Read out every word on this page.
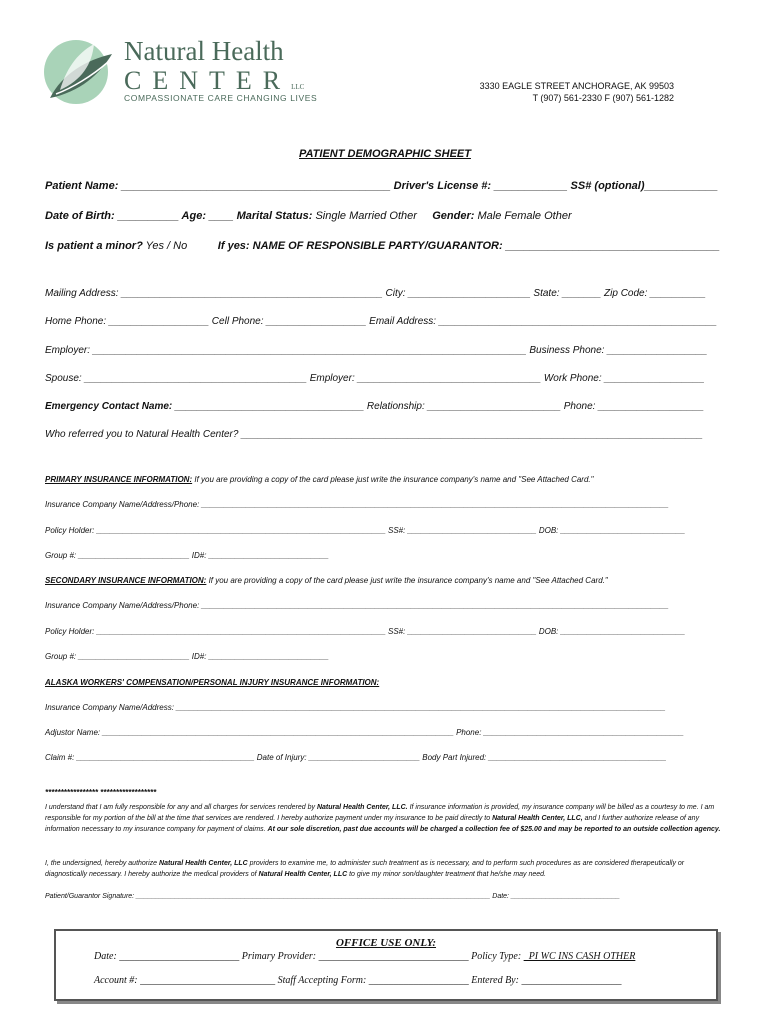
Natural Health
CENTERLLC
COMPASSIONATE CARE CHANGING LIVES
3330 EAGLE STREET ANCHORAGE, AK 99503
T (907) 561-2330 F (907) 561-1282
PATIENT DEMOGRAPHIC SHEET
Patient Name: ____________________________________________ Driver's License #: ____________ SS# (optional)____________
Date of Birth: __________ Age: ____ Marital Status: Single Married Other Gender: Male Female Other
Is patient a minor? Yes / No	If yes: NAME OF RESPONSIBLE PARTY/GUARANTOR: ___________________________________
Mailing Address: _______________________________________________ City: ______________________ State: _______ Zip Code: __________
Home Phone: __________________ Cell Phone: __________________ Email Address: __________________________________________________
Employer: ______________________________________________________________________________ Business Phone: __________________
Spouse: ________________________________________ Employer: _________________________________ Work Phone: __________________
Emergency Contact Name: __________________________________ Relationship: ________________________ Phone: ___________________
Who referred you to Natural Health Center? ___________________________________________________________________________________
PRIMARY INSURANCE INFORMATION: If you are providing a copy of the card please just write the insurance company's name and "See Attached Card."
Insurance Company Name/Address/Phone: _________________________________________________________________________________________________________
Policy Holder: _________________________________________________________________ SS#: _____________________________ DOB: ____________________________
Group #: _________________________ ID#: ___________________________
SECONDARY INSURANCE INFORMATION: If you are providing a copy of the card please just write the insurance company's name and "See Attached Card."
Insurance Company Name/Address/Phone: _________________________________________________________________________________________________________
Policy Holder: _________________________________________________________________ SS#: _____________________________ DOB: ____________________________
Group #: _________________________ ID#: ___________________________
ALASKA WORKERS' COMPENSATION/PERSONAL INJURY INSURANCE INFORMATION:
Insurance Company Name/Address: ______________________________________________________________________________________________________________
Adjustor Name: _______________________________________________________________________________ Phone: _____________________________________________
Claim #: ________________________________________ Date of Injury: _________________________ Body Part Injured: ________________________________________
***************** ******************
I understand that I am fully responsible for any and all charges for services rendered by Natural Health Center, LLC. If insurance information is provided, my insurance company will be billed as a courtesy to me. I am responsible for my portion of the bill at the time that services are rendered. I hereby authorize payment under my insurance to be paid directly to Natural Health Center, LLC, and I further authorize release of any information necessary to my insurance company for payment of claims. At our sole discretion, past due accounts will be charged a collection fee of $25.00 and may be reported to an outside collection agency.
I, the undersigned, hereby authorize Natural Health Center, LLC providers to examine me, to administer such treatment as is necessary, and to perform such procedures as are considered therapeutically or diagnostically necessary. I hereby authorize the medical providers of Natural Health Center, LLC to give my minor son/daughter treatment that he/she may need.
Patient/Guarantor Signature: ___________________________________________________________________________________________ Date: ____________________________
OFFICE USE ONLY:
Date: ________________________ Primary Provider: ______________________________ Policy Type: _PI WC INS CASH OTHER
Account #: ___________________________ Staff Accepting Form: ____________________ Entered By: ____________________
